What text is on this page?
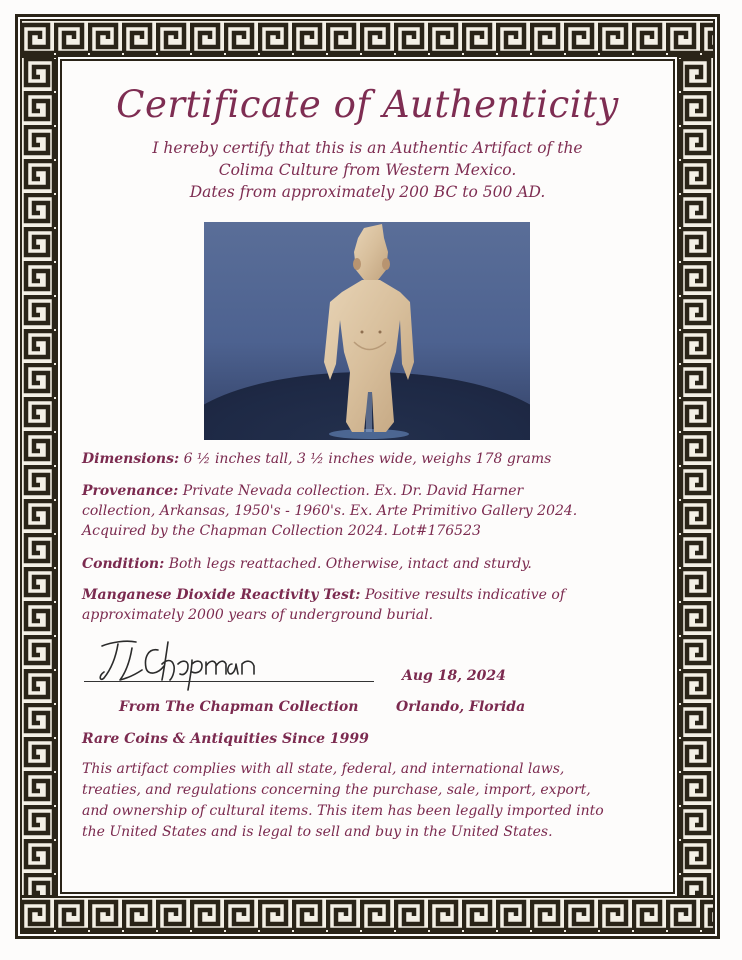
Certificate of Authenticity
I hereby certify that this is an Authentic Artifact of the
Colima Culture from Western Mexico.
Dates from approximately 200 BC to 500 AD.
Dimensions: 6 ½ inches tall, 3 ½ inches wide, weighs 178 grams
Provenance: Private Nevada collection. Ex. Dr. David Harner
collection, Arkansas, 1950's - 1960's. Ex. Arte Primitivo Gallery 2024.
Acquired by the Chapman Collection 2024. Lot#176523
Condition: Both legs reattached. Otherwise, intact and sturdy.
Manganese Dioxide Reactivity Test: Positive results indicative of
approximately 2000 years of underground burial.
Aug 18, 2024
From The Chapman Collection	Orlando, Florida
Rare Coins & Antiquities Since 1999
This artifact complies with all state, federal, and international laws,
treaties, and regulations concerning the purchase, sale, import, export,
and ownership of cultural items. This item has been legally imported into
the United States and is legal to sell and buy in the United States.
